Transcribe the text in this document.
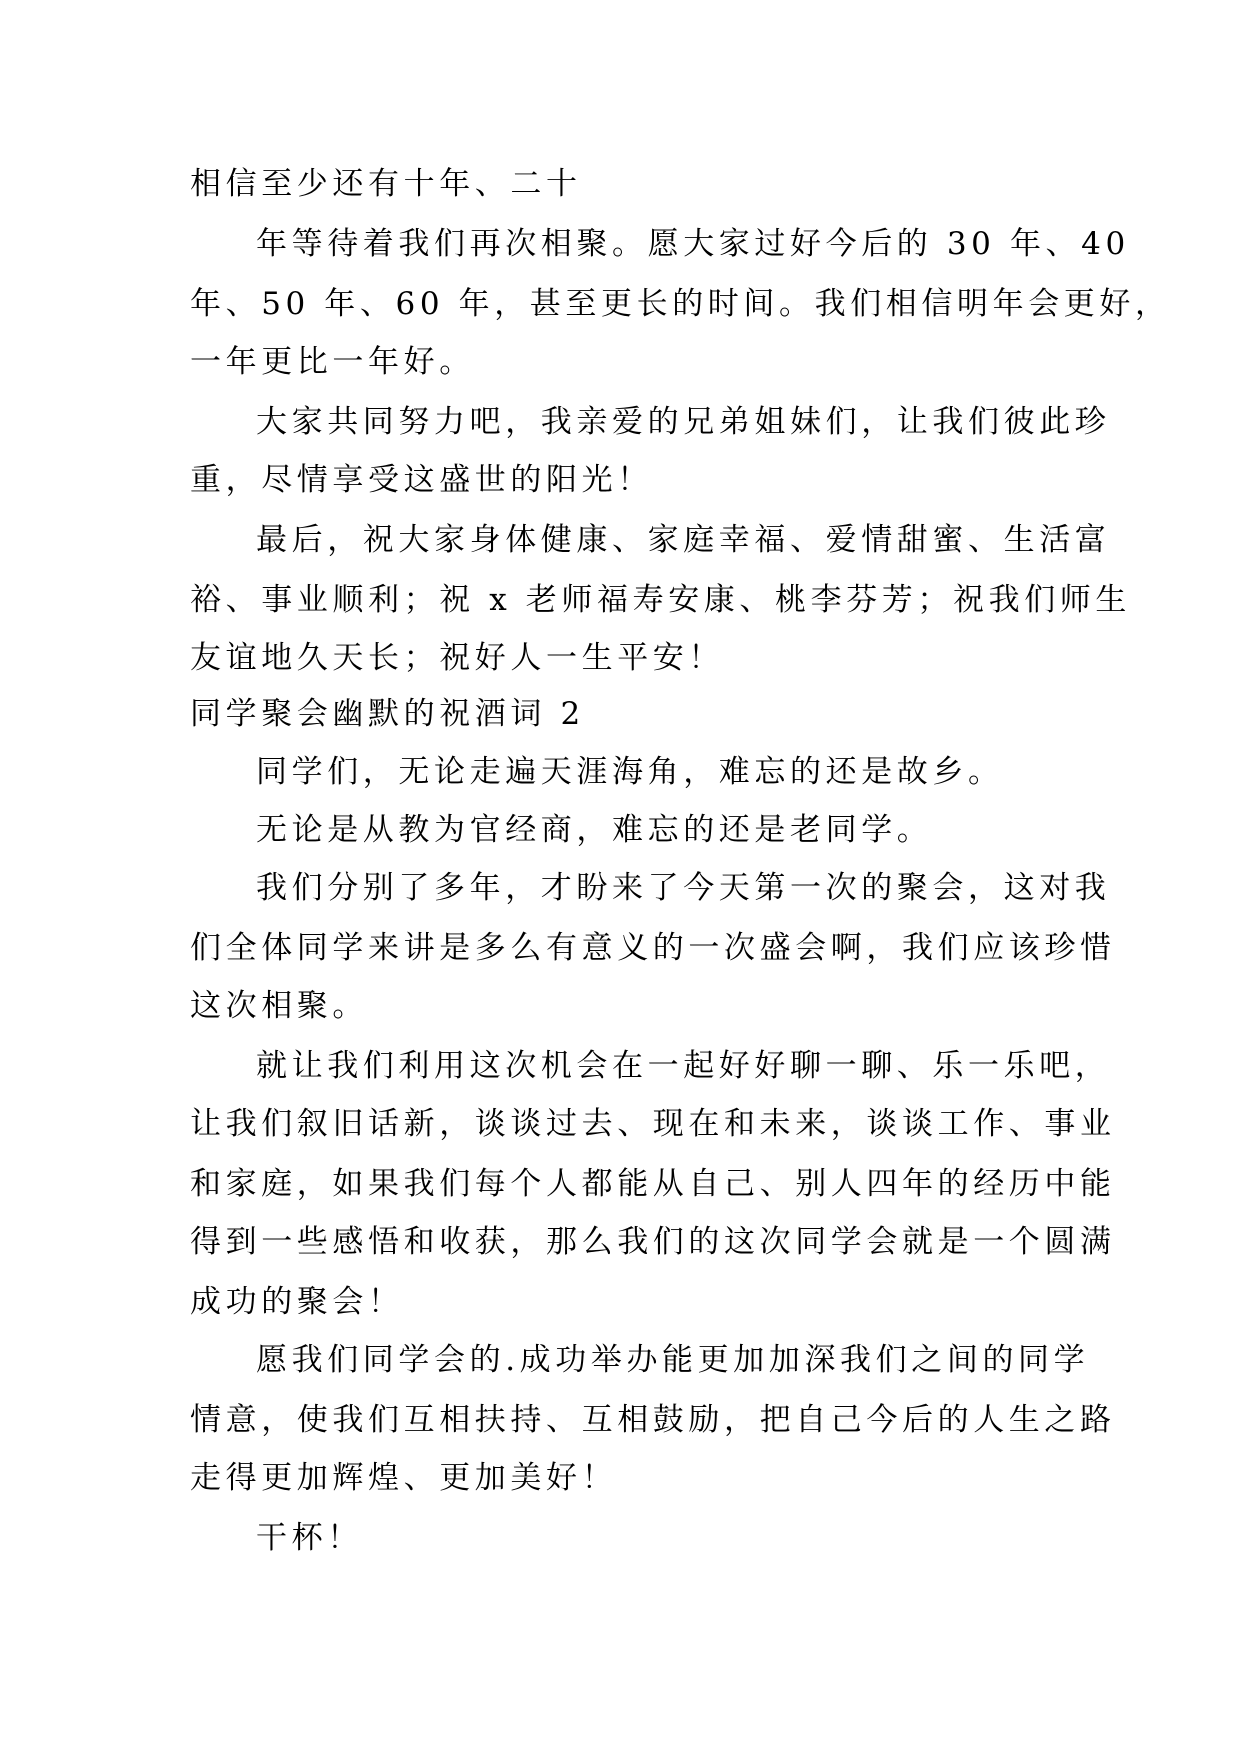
相信至少还有十年、二十
年等待着我们再次相聚。愿大家过好今后的 30 年、40
年、50 年、60 年，甚至更长的时间。我们相信明年会更好，
一年更比一年好。
大家共同努力吧，我亲爱的兄弟姐妹们，让我们彼此珍
重，尽情享受这盛世的阳光！
最后，祝大家身体健康、家庭幸福、爱情甜蜜、生活富
裕、事业顺利；祝 x 老师福寿安康、桃李芬芳；祝我们师生
友谊地久天长；祝好人一生平安！
同学聚会幽默的祝酒词 2
同学们，无论走遍天涯海角，难忘的还是故乡。
无论是从教为官经商，难忘的还是老同学。
我们分别了多年，才盼来了今天第一次的聚会，这对我
们全体同学来讲是多么有意义的一次盛会啊，我们应该珍惜
这次相聚。
就让我们利用这次机会在一起好好聊一聊、乐一乐吧，
让我们叙旧话新，谈谈过去、现在和未来，谈谈工作、事业
和家庭，如果我们每个人都能从自己、别人四年的经历中能
得到一些感悟和收获，那么我们的这次同学会就是一个圆满
成功的聚会！
愿我们同学会的.成功举办能更加加深我们之间的同学
情意，使我们互相扶持、互相鼓励，把自己今后的人生之路
走得更加辉煌、更加美好！
干杯！
